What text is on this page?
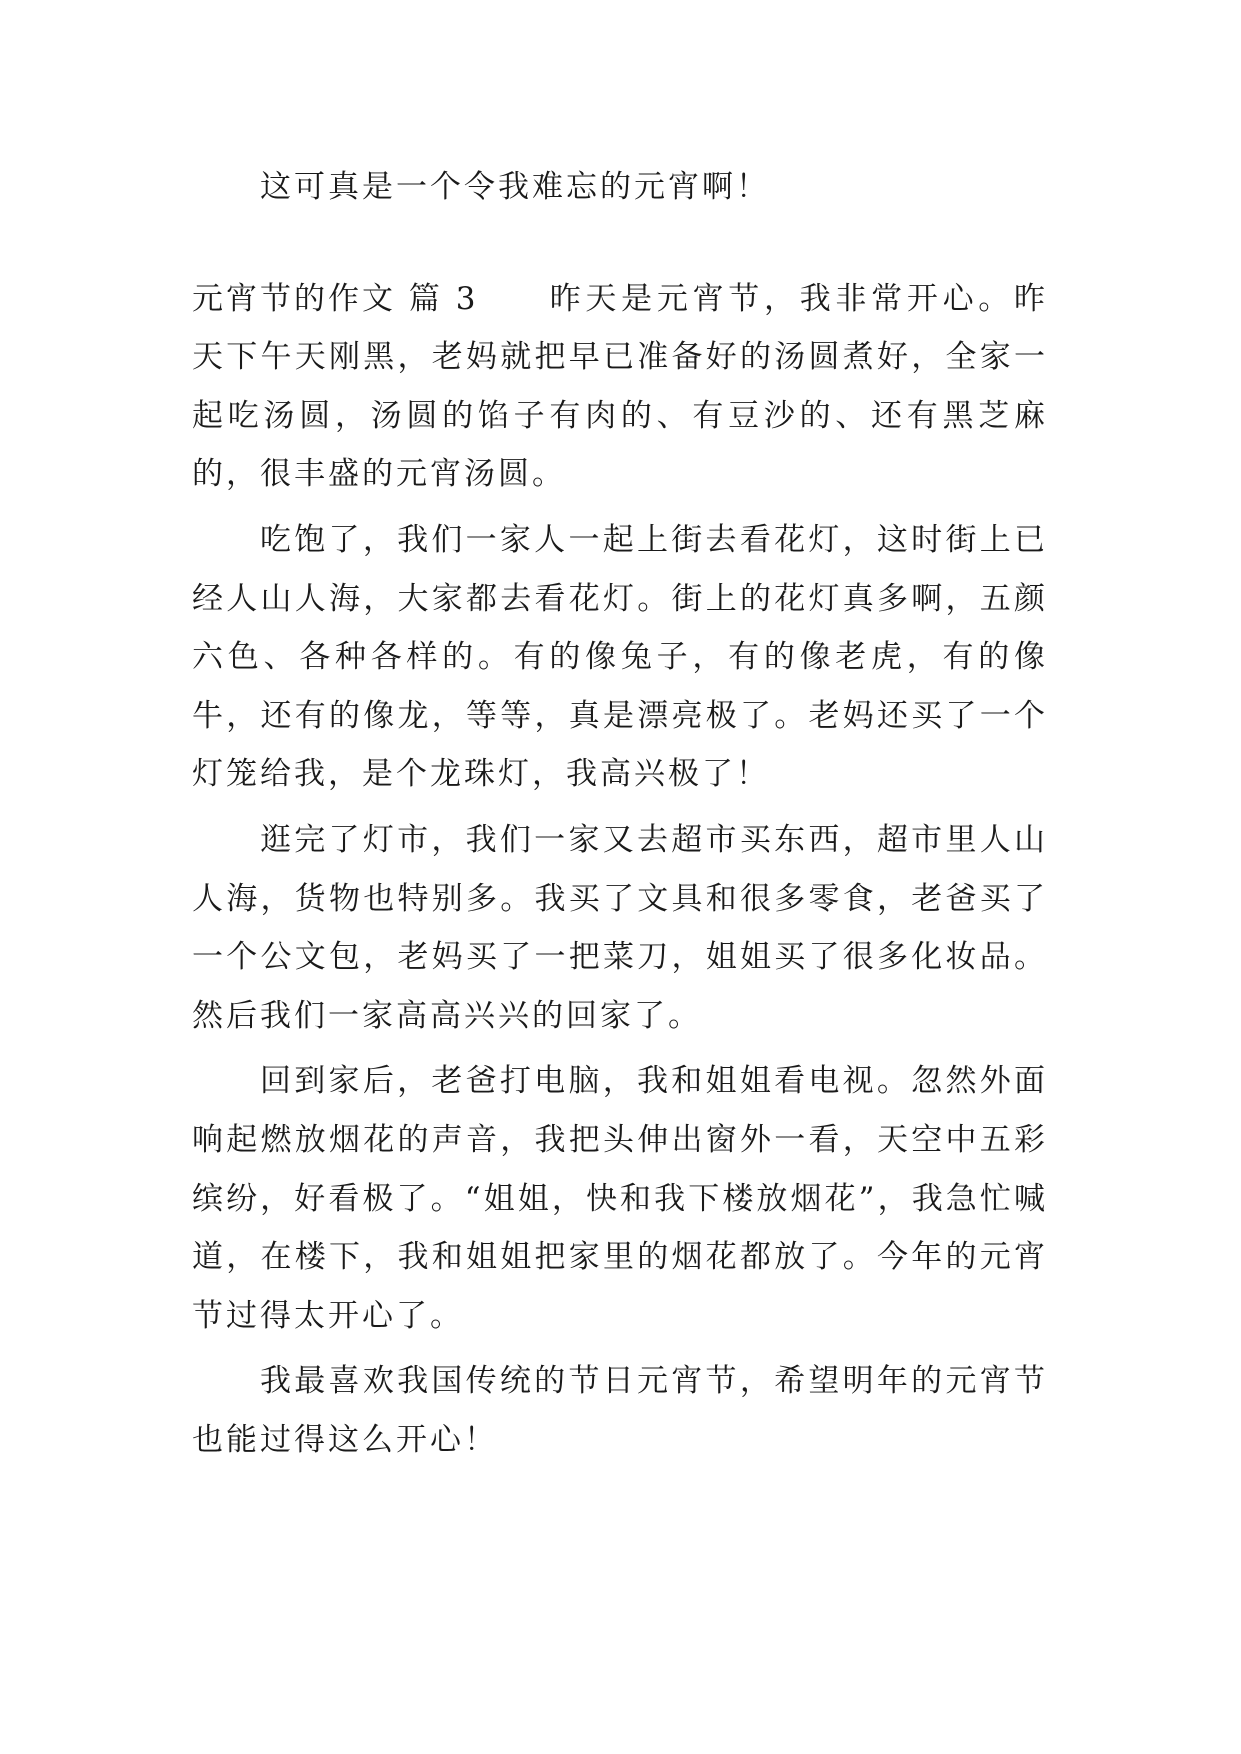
这可真是一个令我难忘的元宵啊！

元宵节的作文 篇 3 昨天是元宵节，我非常开心。昨天下午天刚黑，老妈就把早已准备好的汤圆煮好，全家一起吃汤圆，汤圆的馅子有肉的、有豆沙的、还有黑芝麻的，很丰盛的元宵汤圆。

吃饱了，我们一家人一起上街去看花灯，这时街上已经人山人海，大家都去看花灯。街上的花灯真多啊，五颜六色、各种各样的。有的像兔子，有的像老虎，有的像牛，还有的像龙，等等，真是漂亮极了。老妈还买了一个灯笼给我，是个龙珠灯，我高兴极了！

逛完了灯市，我们一家又去超市买东西，超市里人山人海，货物也特别多。我买了文具和很多零食，老爸买了一个公文包，老妈买了一把菜刀，姐姐买了很多化妆品。然后我们一家高高兴兴的回家了。

回到家后，老爸打电脑，我和姐姐看电视。忽然外面响起燃放烟花的声音，我把头伸出窗外一看，天空中五彩缤纷，好看极了。“姐姐，快和我下楼放烟花”，我急忙喊道，在楼下，我和姐姐把家里的烟花都放了。今年的元宵节过得太开心了。

我最喜欢我国传统的节日元宵节，希望明年的元宵节也能过得这么开心！
